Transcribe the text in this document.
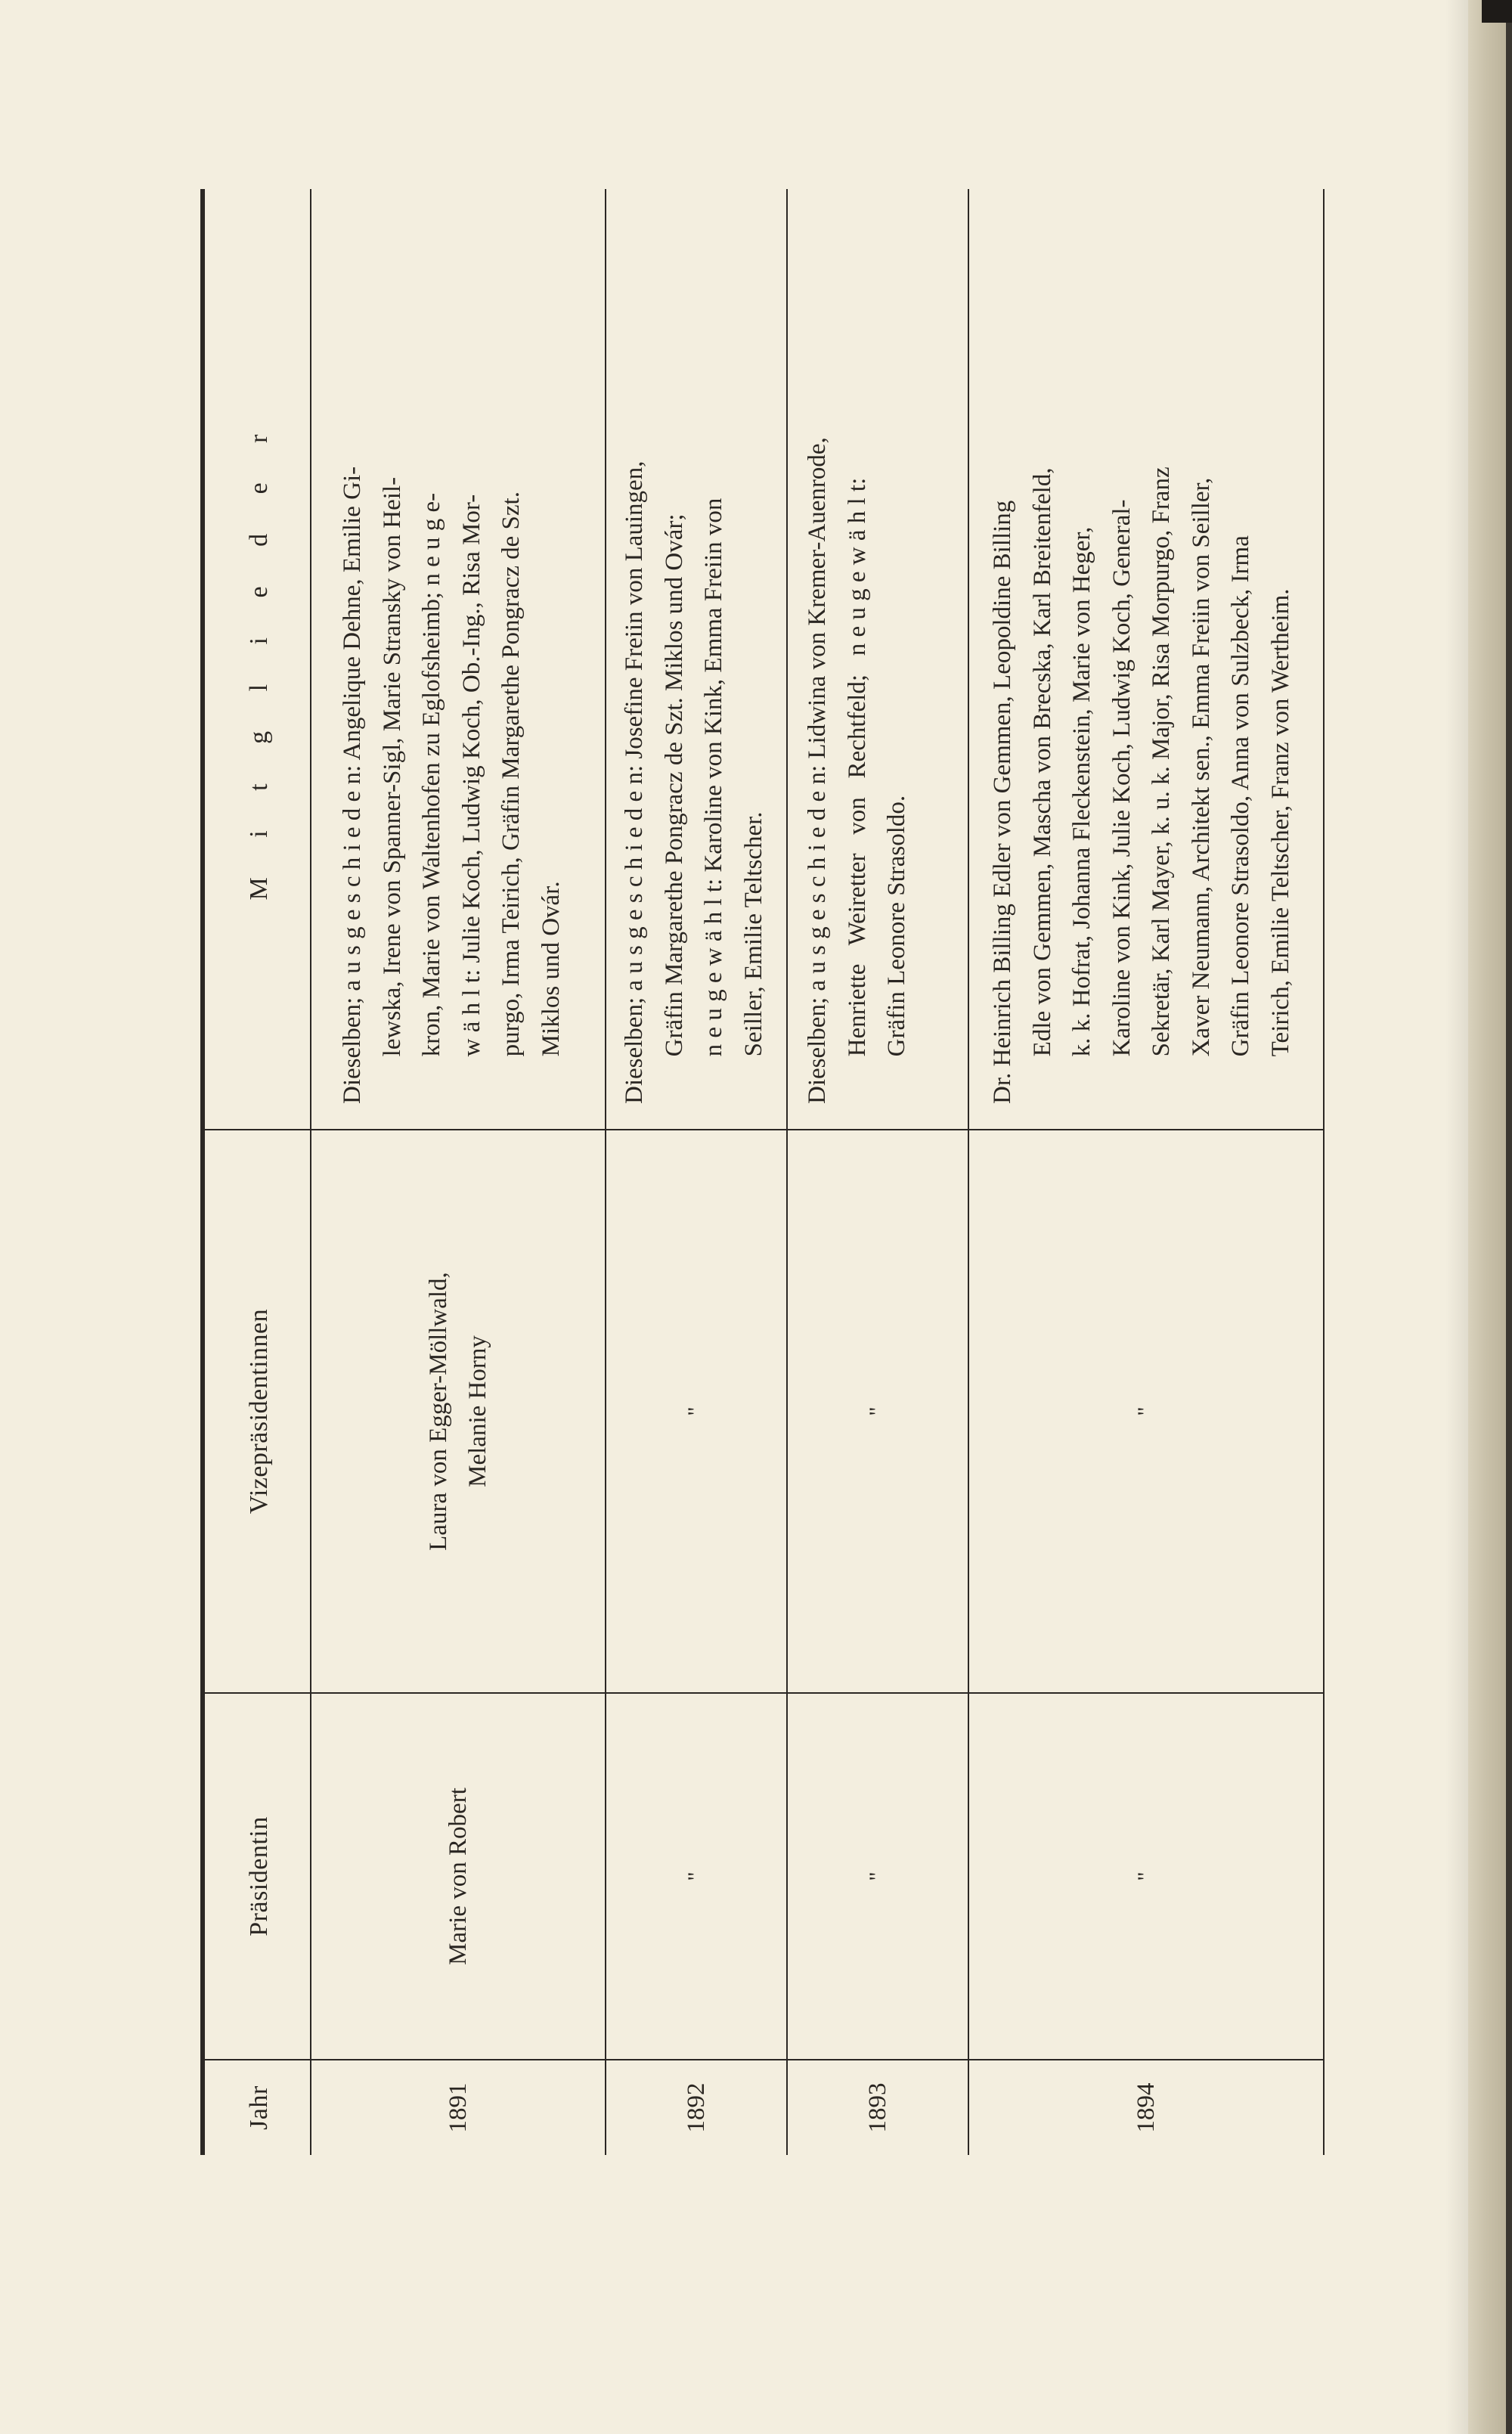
Jahr
Präsidentin
Vizepräsidentinnen
M i t g l i e d e r
1891
Marie von Robert
Laura von Egger-Möllwald, Melanie Horny
Dieselben; a u s g e s c h i e d e n: Angelique Dehne, Emilie Gi- lewska, Irene von Spanner-Sigl, Marie Stransky von Heil- kron, Marie von Waltenhofen zu Eglofsheimb; n e u g e- w ä h l t: Julie Koch, Ludwig Koch, Ob.-Ing., Risa Mor- purgo, Irma Teirich, Gräfin Margarethe Pongracz de Szt. Miklos und Ovár.
1892
"
"
Dieselben; a u s g e s c h i e d e n: Josefine Freiin von Lauingen, Gräfin Margarethe Pongracz de Szt. Miklos und Ovár; n e u g e w ä h l t: Karoline von Kink, Emma Freiin von Seiller, Emilie Teltscher.
1893
"
"
Dieselben; a u s g e s c h i e d e n: Lidwina von Kremer-Auenrode, Henriette   Weiretter   von   Rechtfeld;   n e u g e w ä h l t: Gräfin Leonore Strasoldo.
1894
"
"
Dr. Heinrich Billing Edler von Gemmen, Leopoldine Billing Edle von Gemmen, Mascha von Brecska, Karl Breitenfeld, k. k. Hofrat, Johanna Fleckenstein, Marie von Heger, Karoline von Kink, Julie Koch, Ludwig Koch, General- Sekretär, Karl Mayer, k. u. k. Major, Risa Morpurgo, Franz Xaver Neumann, Architekt sen., Emma Freiin von Seiller, Gräfin Leonore Strasoldo, Anna von Sulzbeck, Irma Teirich, Emilie Teltscher, Franz von Wertheim.
